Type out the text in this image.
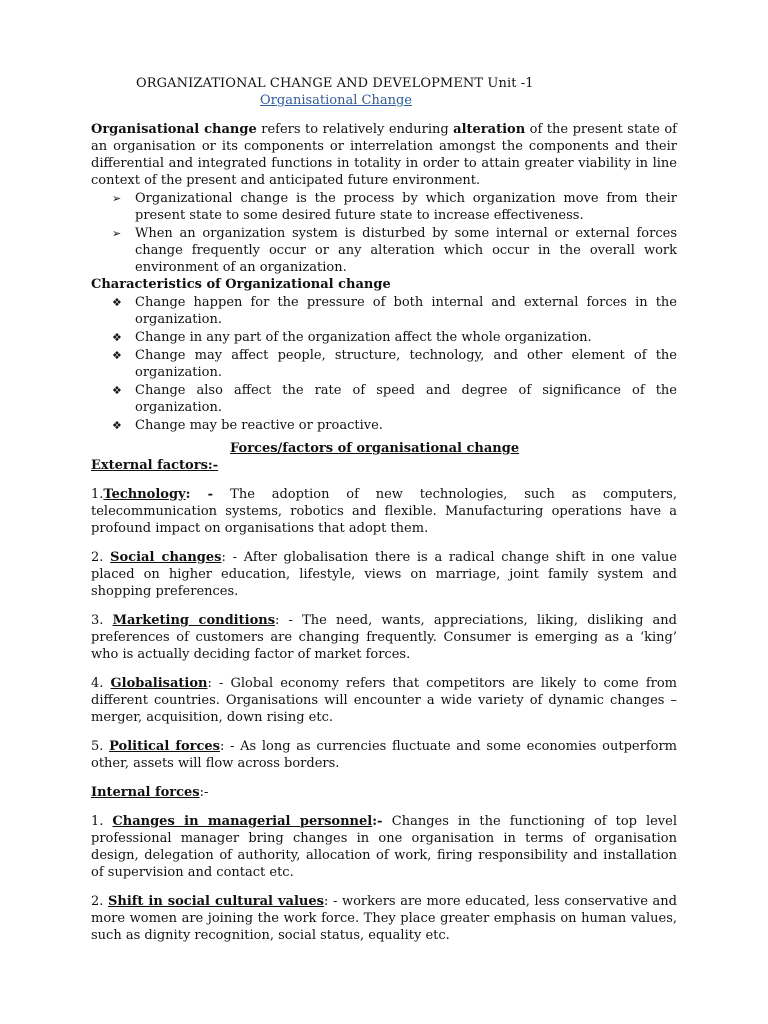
ORGANIZATIONAL CHANGE AND DEVELOPMENT Unit -1
Organisational Change

Organisational change refers to relatively enduring alteration of the present state of an organisation or its components or interrelation amongst the components and their differential and integrated functions in totality in order to attain greater viability in line context of the present and anticipated future environment.

➢ Organizational change is the process by which organization move from their present state to some desired future state to increase effectiveness.
➢ When an organization system is disturbed by some internal or external forces change frequently occur or any alteration which occur in the overall work environment of an organization.

Characteristics of Organizational change

❖ Change happen for the pressure of both internal and external forces in the organization.
❖ Change in any part of the organization affect the whole organization.
❖ Change may affect people, structure, technology, and other element of the organization.
❖ Change also affect the rate of speed and degree of significance of the organization.
❖ Change may be reactive or proactive.

Forces/factors of organisational change

External factors:-

1.Technology: - The adoption of new technologies, such as computers, telecommunication systems, robotics and flexible. Manufacturing operations have a profound impact on organisations that adopt them.

2. Social changes: - After globalisation there is a radical change shift in one value placed on higher education, lifestyle, views on marriage, joint family system and shopping preferences.

3. Marketing conditions: - The need, wants, appreciations, liking, disliking and preferences of customers are changing frequently. Consumer is emerging as a ‘king’ who is actually deciding factor of market forces.

4. Globalisation: - Global economy refers that competitors are likely to come from different countries. Organisations will encounter a wide variety of dynamic changes – merger, acquisition, down rising etc.

5. Political forces: - As long as currencies fluctuate and some economies outperform other, assets will flow across borders.

Internal forces:-

1. Changes in managerial personnel:- Changes in the functioning of top level professional manager bring changes in one organisation in terms of organisation design, delegation of authority, allocation of work, firing responsibility and installation of supervision and contact etc.

2. Shift in social cultural values: - workers are more educated, less conservative and more women are joining the work force. They place greater emphasis on human values, such as dignity recognition, social status, equality etc.
